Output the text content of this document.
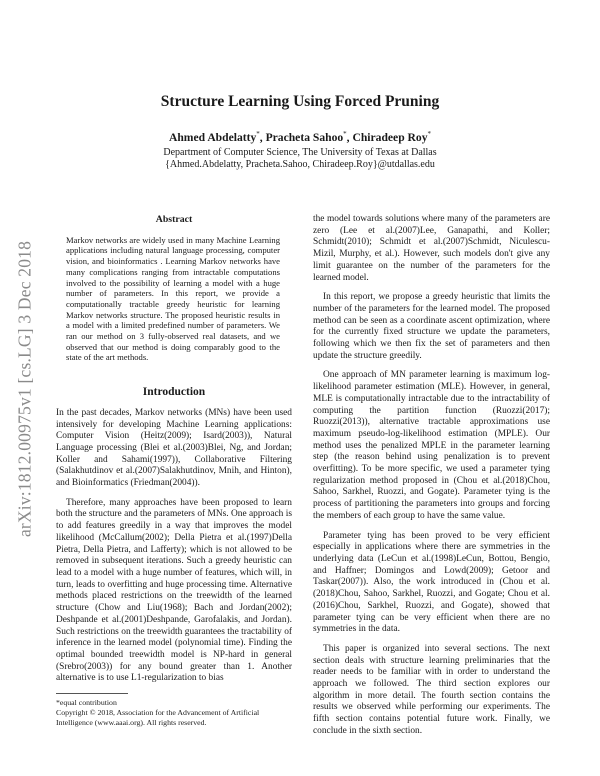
arXiv:1812.00975v1 [cs.LG] 3 Dec 2018
Structure Learning Using Forced Pruning
Ahmed Abdelatty*, Pracheta Sahoo*, Chiradeep Roy*
Department of Computer Science, The University of Texas at Dallas
{Ahmed.Abdelatty, Pracheta.Sahoo, Chiradeep.Roy}@utdallas.edu
Abstract
Markov networks are widely used in many Machine Learning applications including natural language processing, computer vision, and bioinformatics . Learning Markov networks have many complications ranging from intractable computations involved to the possibility of learning a model with a huge number of parameters. In this report, we provide a computationally tractable greedy heuristic for learning Markov networks structure. The proposed heuristic results in a model with a limited predefined number of parameters. We ran our method on 3 fully-observed real datasets, and we observed that our method is doing comparably good to the state of the art methods.
Introduction

In the past decades, Markov networks (MNs) have been used intensively for developing Machine Learning applications: Computer Vision (Heitz(2009); Isard(2003)), Natural Language processing (Blei et al.(2003)Blei, Ng, and Jordan; Koller and Sahami(1997)), Collaborative Filtering (Salakhutdinov et al.(2007)Salakhutdinov, Mnih, and Hinton), and Bioinformatics (Friedman(2004)).

Therefore, many approaches have been proposed to learn both the structure and the parameters of MNs. One approach is to add features greedily in a way that improves the model likelihood (McCallum(2002); Della Pietra et al.(1997)Della Pietra, Della Pietra, and Lafferty); which is not allowed to be removed in subsequent iterations. Such a greedy heuristic can lead to a model with a huge number of features, which will, in turn, leads to overfitting and huge processing time. Alternative methods placed restrictions on the treewidth of the learned structure (Chow and Liu(1968); Bach and Jordan(2002); Deshpande et al.(2001)Deshpande, Garofalakis, and Jordan). Such restrictions on the treewidth guarantees the tractability of inference in the learned model (polynomial time). Finding the optimal bounded treewidth model is NP-hard in general (Srebro(2003)) for any bound greater than 1. Another alternative is to use L1-regularization to bias

*equal contribution
Copyright © 2018, Association for the Advancement of Artificial Intelligence (www.aaai.org). All rights reserved.

the model towards solutions where many of the parameters are zero (Lee et al.(2007)Lee, Ganapathi, and Koller; Schmidt(2010); Schmidt et al.(2007)Schmidt, Niculescu-Mizil, Murphy, et al.). However, such models don't give any limit guarantee on the number of the parameters for the learned model.

In this report, we propose a greedy heuristic that limits the number of the parameters for the learned model. The proposed method can be seen as a coordinate ascent optimization, where for the currently fixed structure we update the parameters, following which we then fix the set of parameters and then update the structure greedily.

One approach of MN parameter learning is maximum log-likelihood parameter estimation (MLE). However, in general, MLE is computationally intractable due to the intractability of computing the partition function (Ruozzi(2017); Ruozzi(2013)), alternative tractable approximations use maximum pseudo-log-likelihood estimation (MPLE). Our method uses the penalized MPLE in the parameter learning step (the reason behind using penalization is to prevent overfitting). To be more specific, we used a parameter tying regularization method proposed in (Chou et al.(2018)Chou, Sahoo, Sarkhel, Ruozzi, and Gogate). Parameter tying is the process of partitioning the parameters into groups and forcing the members of each group to have the same value.

Parameter tying has been proved to be very efficient especially in applications where there are symmetries in the underlying data (LeCun et al.(1998)LeCun, Bottou, Bengio, and Haffner; Domingos and Lowd(2009); Getoor and Taskar(2007)). Also, the work introduced in (Chou et al.(2018)Chou, Sahoo, Sarkhel, Ruozzi, and Gogate; Chou et al.(2016)Chou, Sarkhel, Ruozzi, and Gogate), showed that parameter tying can be very efficient when there are no symmetries in the data.

This paper is organized into several sections. The next section deals with structure learning preliminaries that the reader needs to be familiar with in order to understand the approach we followed. The third section explores our algorithm in more detail. The fourth section contains the results we observed while performing our experiments. The fifth section contains potential future work. Finally, we conclude in the sixth section.
